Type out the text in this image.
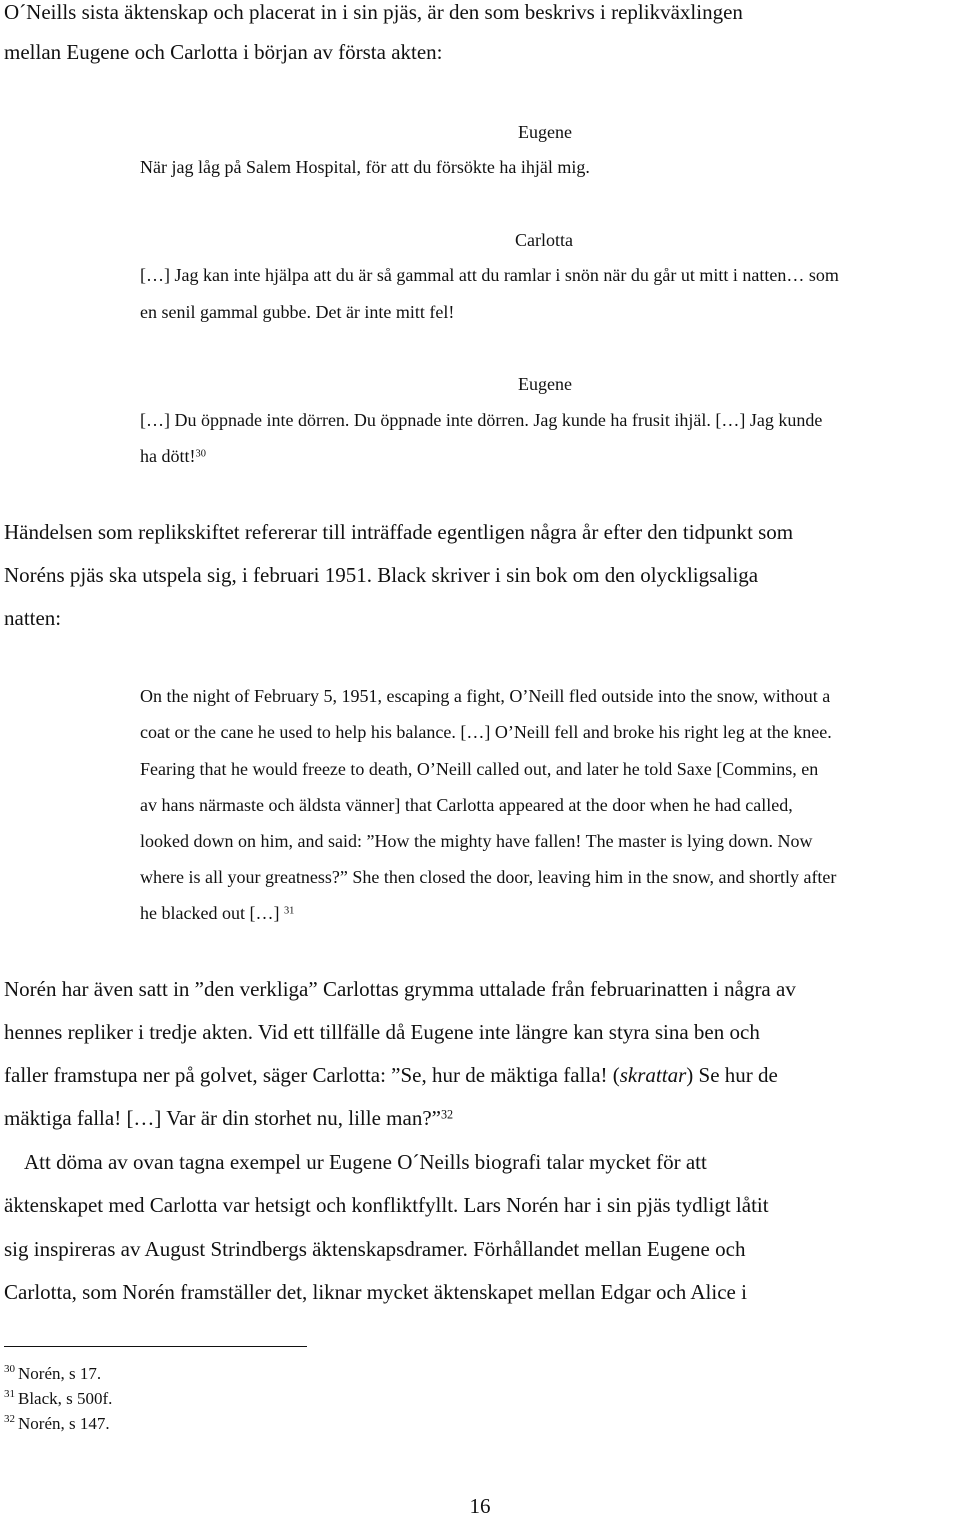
O´Neills sista äktenskap och placerat in i sin pjäs, är den som beskrivs i replikväxlingen

mellan Eugene och Carlotta i början av första akten:

Eugene

När jag låg på Salem Hospital, för att du försökte ha ihjäl mig.

Carlotta

[…] Jag kan inte hjälpa att du är så gammal att du ramlar i snön när du går ut mitt i natten… som

en senil gammal gubbe. Det är inte mitt fel!

Eugene

[…] Du öppnade inte dörren. Du öppnade inte dörren. Jag kunde ha frusit ihjäl. […] Jag kunde

ha dött!$^{30}$

Händelsen som replikskiftet refererar till inträffade egentligen några år efter den tidpunkt som

Noréns pjäs ska utspela sig, i februari 1951. Black skriver i sin bok om den olyckligsaliga

natten:

On the night of February 5, 1951, escaping a fight, O’Neill fled outside into the snow, without a

coat or the cane he used to help his balance. […] O’Neill fell and broke his right leg at the knee.

Fearing that he would freeze to death, O’Neill called out, and later he told Saxe [Commins, en

av hans närmaste och äldsta vänner] that Carlotta appeared at the door when he had called,

looked down on him, and said: ”How the mighty have fallen! The master is lying down. Now

where is all your greatness?” She then closed the door, leaving him in the snow, and shortly after

he blacked out […] $^{31}$

Norén har även satt in ”den verkliga” Carlottas grymma uttalade från februarinatten i några av

hennes repliker i tredje akten. Vid ett tillfälle då Eugene inte längre kan styra sina ben och

faller framstupa ner på golvet, säger Carlotta: ”Se, hur de mäktiga falla! (skrattar) Se hur de

mäktiga falla! […] Var är din storhet nu, lille man?”$^{32}$

Att döma av ovan tagna exempel ur Eugene O´Neills biografi talar mycket för att

äktenskapet med Carlotta var hetsigt och konfliktfyllt. Lars Norén har i sin pjäs tydligt låtit

sig inspireras av August Strindbergs äktenskapsdramer. Förhållandet mellan Eugene och

Carlotta, som Norén framställer det, liknar mycket äktenskapet mellan Edgar och Alice i

$^{30}$ Norén, s 17.
$^{31}$ Black, s 500f.
$^{32}$ Norén, s 147.
16
